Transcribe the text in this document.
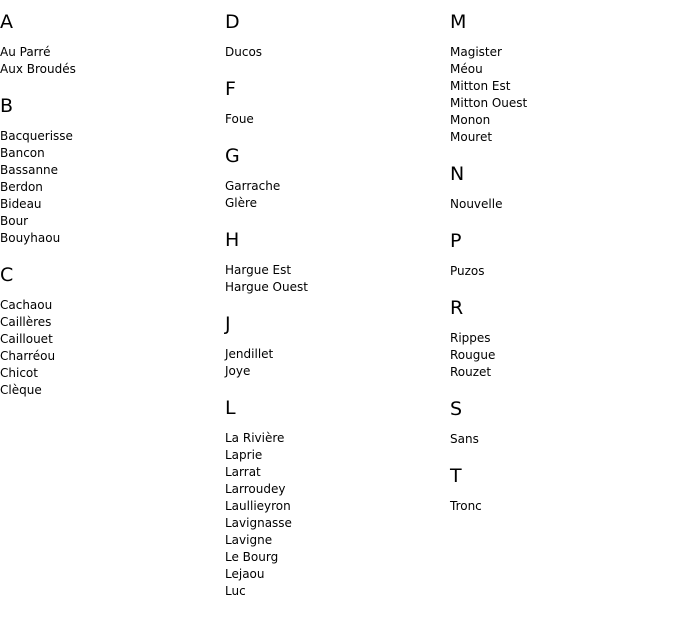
A
Au Parré
Aux Broudés
B
Bacquerisse
Bancon
Bassanne
Berdon
Bideau
Bour
Bouyhaou
C
Cachaou
Caillères
Caillouet
Charréou
Chicot
Clèque
D
Ducos
F
Foue
G
Garrache
Glère
H
Hargue Est
Hargue Ouest
J
Jendillet
Joye
L
La Rivière
Laprie
Larrat
Larroudey
Laullieyron
Lavignasse
Lavigne
Le Bourg
Lejaou
Luc
M
Magister
Méou
Mitton Est
Mitton Ouest
Monon
Mouret
N
Nouvelle
P
Puzos
R
Rippes
Rougue
Rouzet
S
Sans
T
Tronc
